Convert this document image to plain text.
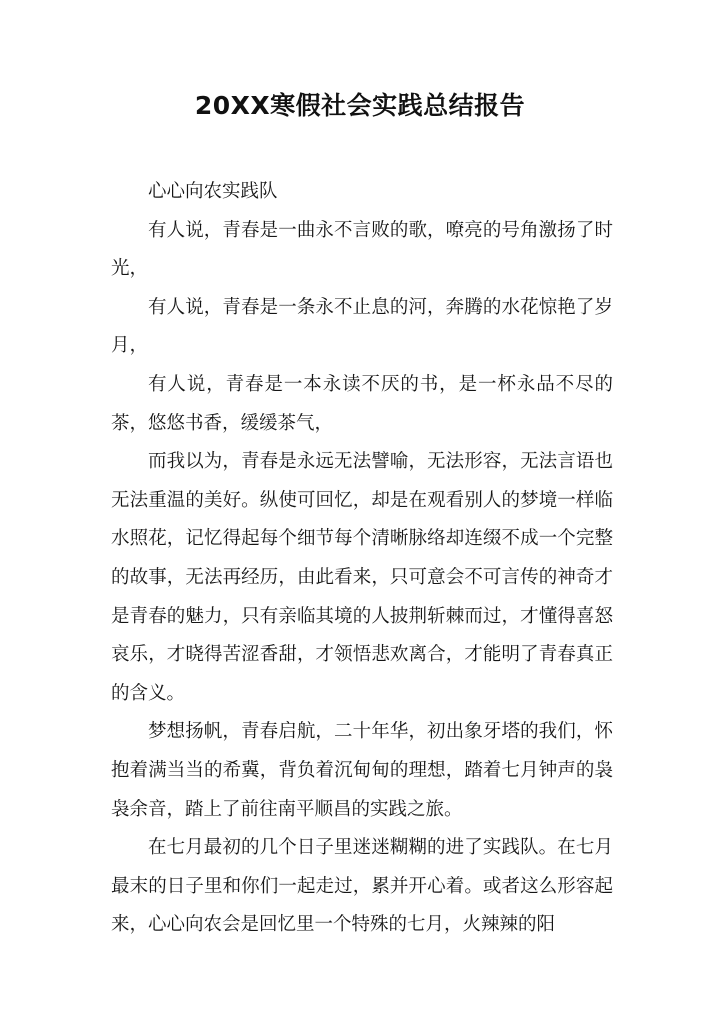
20XX寒假社会实践总结报告

心心向农实践队

有人说，青春是一曲永不言败的歌，嘹亮的号角激扬了时光，

有人说，青春是一条永不止息的河，奔腾的水花惊艳了岁月，

有人说，青春是一本永读不厌的书，是一杯永品不尽的茶，悠悠书香，缓缓茶气，

而我以为，青春是永远无法譬喻，无法形容，无法言语也无法重温的美好。纵使可回忆，却是在观看别人的梦境一样临水照花，记忆得起每个细节每个清晰脉络却连缀不成一个完整的故事，无法再经历，由此看来，只可意会不可言传的神奇才是青春的魅力，只有亲临其境的人披荆斩棘而过，才懂得喜怒哀乐，才晓得苦涩香甜，才领悟悲欢离合，才能明了青春真正的含义。

梦想扬帆，青春启航，二十年华，初出象牙塔的我们，怀抱着满当当的希冀，背负着沉甸甸的理想，踏着七月钟声的袅袅余音，踏上了前往南平顺昌的实践之旅。

在七月最初的几个日子里迷迷糊糊的进了实践队。在七月最末的日子里和你们一起走过，累并开心着。或者这么形容起来，心心向农会是回忆里一个特殊的七月，火辣辣的阳
